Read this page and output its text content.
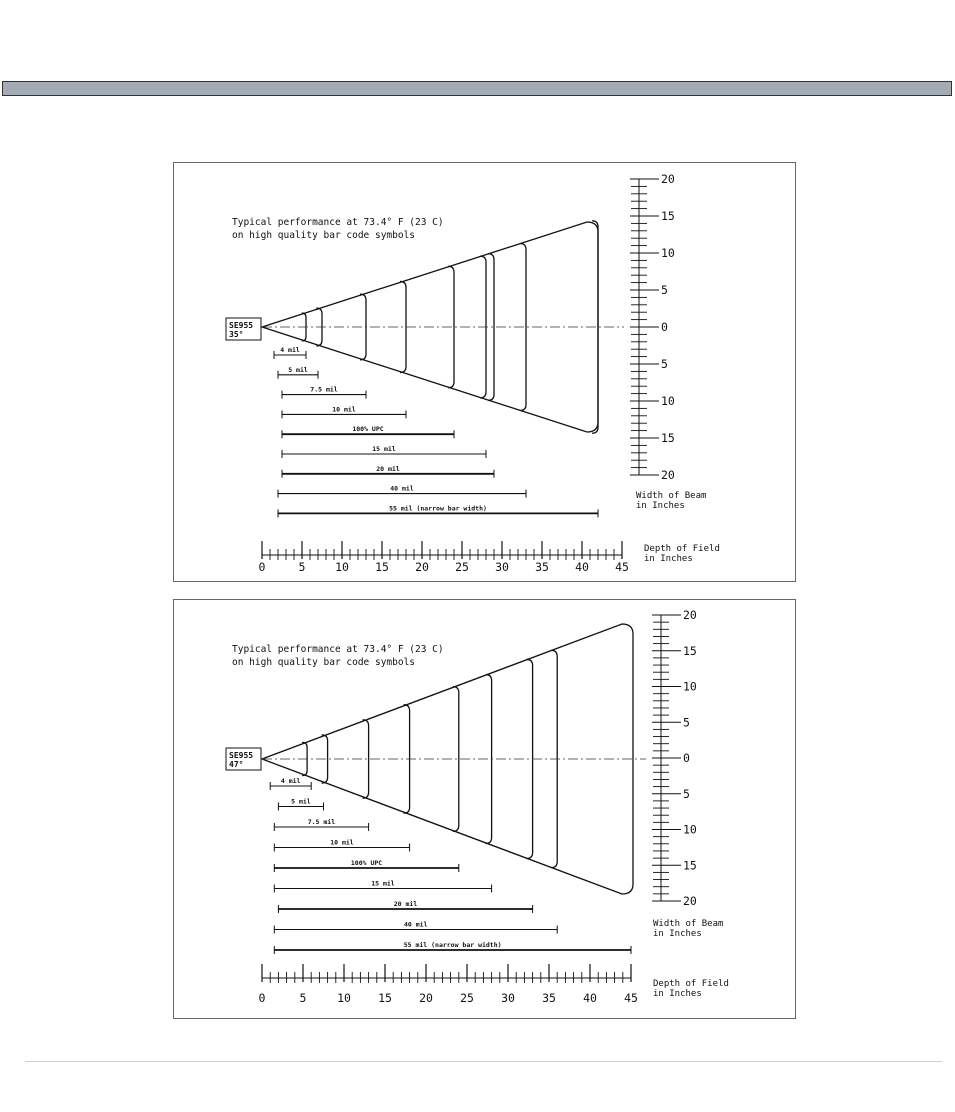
0	5	10 15 20 25 30 35 40 45
20
15
10
5
0
5
10
15
20
4 mil
5 mil
7.5 mil
10 mil
100% UPC
15 mil
20 mil
40 mil
55 mil (narrow bar width)
Typical performance at 73.4° F (23 C)
on high quality bar code symbols
SE955
35°
Width of Beam
in Inches
Depth of Field
in Inches
0	5	10 15 20 25 30 35 40 45
20
15
10
5
0
5
10
15
20
4 mil
5 mil
7.5 mil
10 mil
100% UPC
15 mil
20 mil
40 mil
55 mil (narrow bar width)
Typical performance at 73.4° F (23 C)
on high quality bar code symbols
SE955
47°
Width of Beam
in Inches
Depth of Field
in Inches
